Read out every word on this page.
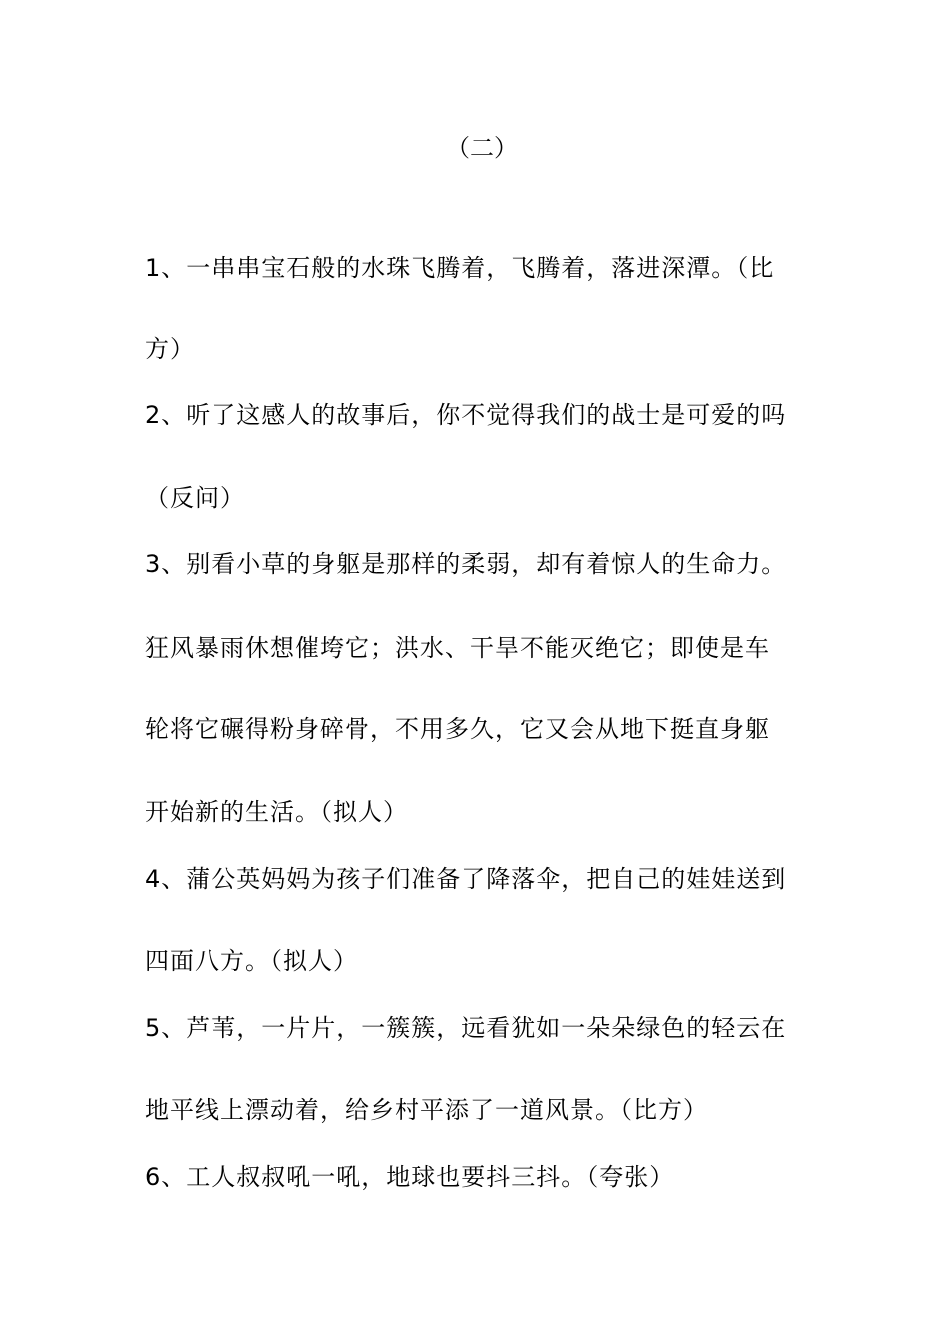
（二）
1、一串串宝石般的水珠飞腾着，飞腾着，落进深潭。（比
方）
2、听了这感人的故事后，你不觉得我们的战士是可爱的吗
（反问）
3、别看小草的身躯是那样的柔弱，却有着惊人的生命力。
狂风暴雨休想催垮它；洪水、干旱不能灭绝它；即使是车
轮将它碾得粉身碎骨，不用多久，它又会从地下挺直身躯
开始新的生活。（拟人）
4、蒲公英妈妈为孩子们准备了降落伞，把自己的娃娃送到
四面八方。（拟人）
5、芦苇，一片片，一簇簇，远看犹如一朵朵绿色的轻云在
地平线上漂动着，给乡村平添了一道风景。（比方）
6、工人叔叔吼一吼，地球也要抖三抖。（夸张）
